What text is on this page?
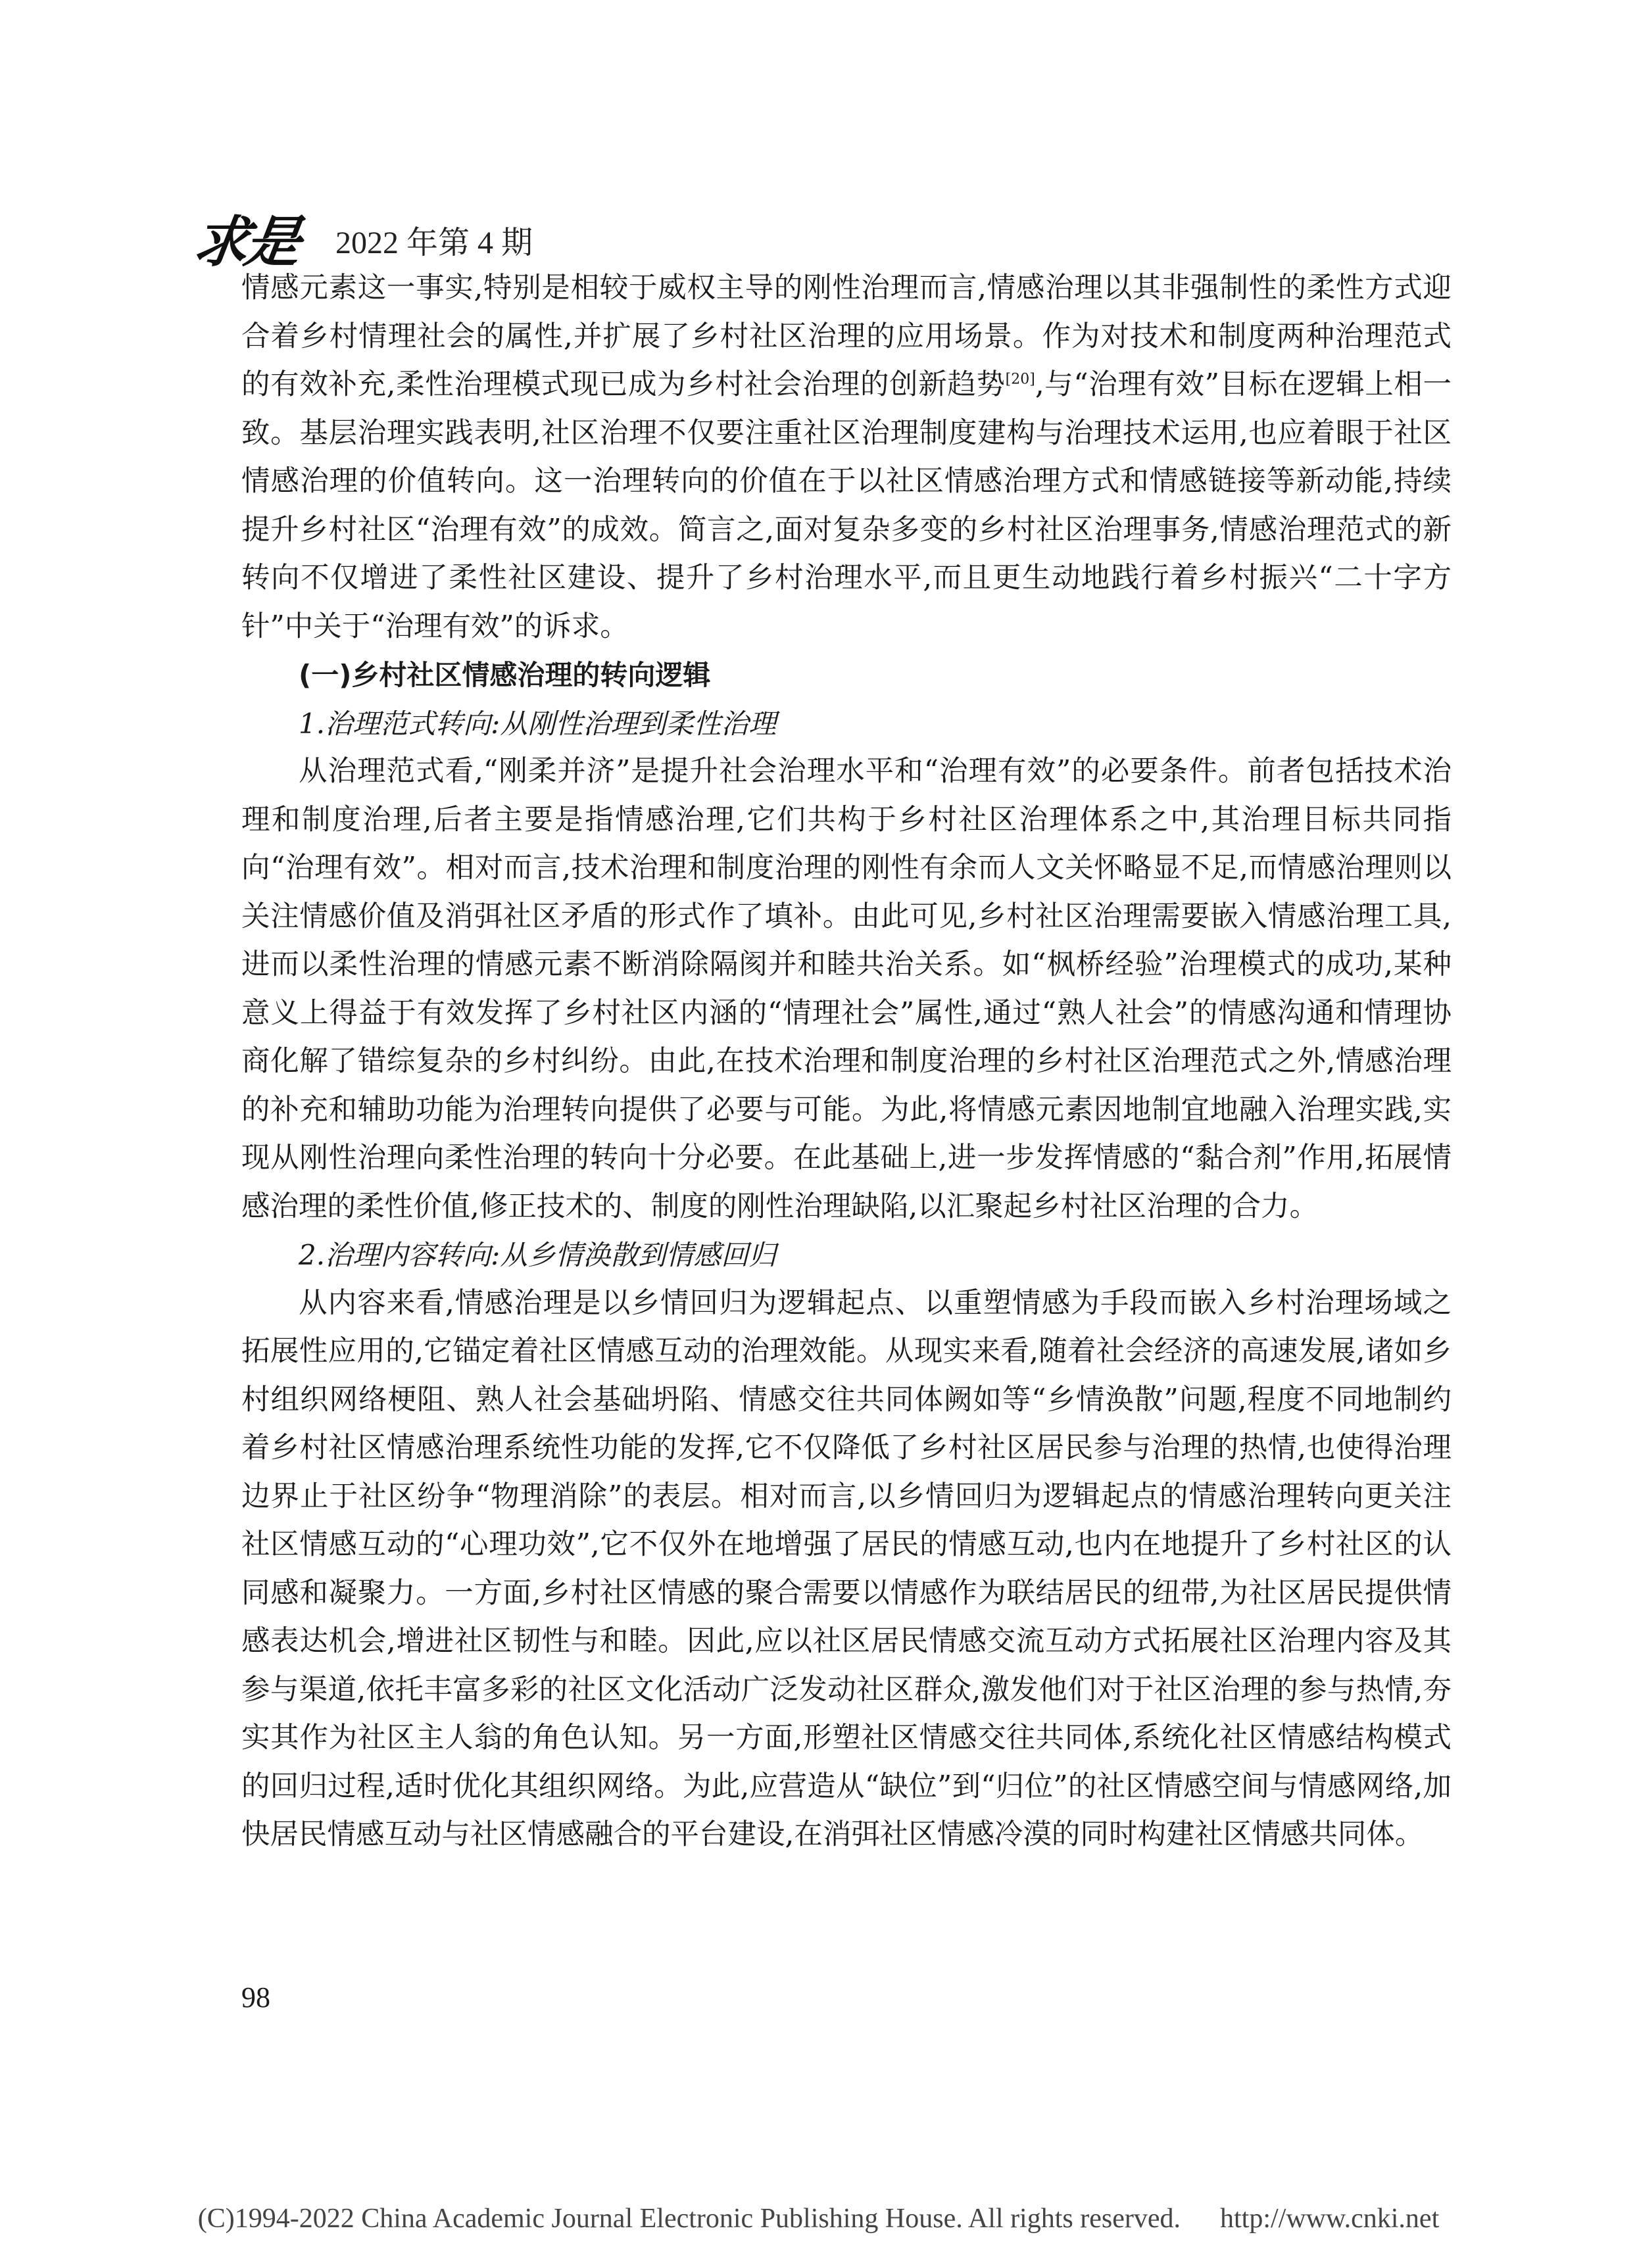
求是	2022 年第 4 期

情感元素这一事实,特别是相较于威权主导的刚性治理而言,情感治理以其非强制性的柔性方式迎合着乡村情理社会的属性,并扩展了乡村社区治理的应用场景。作为对技术和制度两种治理范式的有效补充,柔性治理模式现已成为乡村社会治理的创新趋势[20],与“治理有效”目标在逻辑上相一致。基层治理实践表明,社区治理不仅要注重社区治理制度建构与治理技术运用,也应着眼于社区情感治理的价值转向。这一治理转向的价值在于以社区情感治理方式和情感链接等新动能,持续提升乡村社区“治理有效”的成效。简言之,面对复杂多变的乡村社区治理事务,情感治理范式的新转向不仅增进了柔性社区建设、提升了乡村治理水平,而且更生动地践行着乡村振兴“二十字方针”中关于“治理有效”的诉求。

(一)乡村社区情感治理的转向逻辑
1.治理范式转向:从刚性治理到柔性治理

从治理范式看,“刚柔并济”是提升社会治理水平和“治理有效”的必要条件。前者包括技术治理和制度治理,后者主要是指情感治理,它们共构于乡村社区治理体系之中,其治理目标共同指向“治理有效”。相对而言,技术治理和制度治理的刚性有余而人文关怀略显不足,而情感治理则以关注情感价值及消弭社区矛盾的形式作了填补。由此可见,乡村社区治理需要嵌入情感治理工具,进而以柔性治理的情感元素不断消除隔阂并和睦共治关系。如“枫桥经验”治理模式的成功,某种意义上得益于有效发挥了乡村社区内涵的“情理社会”属性,通过“熟人社会”的情感沟通和情理协商化解了错综复杂的乡村纠纷。由此,在技术治理和制度治理的乡村社区治理范式之外,情感治理的补充和辅助功能为治理转向提供了必要与可能。为此,将情感元素因地制宜地融入治理实践,实现从刚性治理向柔性治理的转向十分必要。在此基础上,进一步发挥情感的“黏合剂”作用,拓展情感治理的柔性价值,修正技术的、制度的刚性治理缺陷,以汇聚起乡村社区治理的合力。

2.治理内容转向:从乡情涣散到情感回归

从内容来看,情感治理是以乡情回归为逻辑起点、以重塑情感为手段而嵌入乡村治理场域之拓展性应用的,它锚定着社区情感互动的治理效能。从现实来看,随着社会经济的高速发展,诸如乡村组织网络梗阻、熟人社会基础坍陷、情感交往共同体阙如等“乡情涣散”问题,程度不同地制约着乡村社区情感治理系统性功能的发挥,它不仅降低了乡村社区居民参与治理的热情,也使得治理边界止于社区纷争“物理消除”的表层。相对而言,以乡情回归为逻辑起点的情感治理转向更关注社区情感互动的“心理功效”,它不仅外在地增强了居民的情感互动,也内在地提升了乡村社区的认同感和凝聚力。一方面,乡村社区情感的聚合需要以情感作为联结居民的纽带,为社区居民提供情感表达机会,增进社区韧性与和睦。因此,应以社区居民情感交流互动方式拓展社区治理内容及其参与渠道,依托丰富多彩的社区文化活动广泛发动社区群众,激发他们对于社区治理的参与热情,夯实其作为社区主人翁的角色认知。另一方面,形塑社区情感交往共同体,系统化社区情感结构模式的回归过程,适时优化其组织网络。为此,应营造从“缺位”到“归位”的社区情感空间与情感网络,加快居民情感互动与社区情感融合的平台建设,在消弭社区情感冷漠的同时构建社区情感共同体。

98
(C)1994-2022 China Academic Journal Electronic Publishing House. All rights reserved. http://www.cnki.net
